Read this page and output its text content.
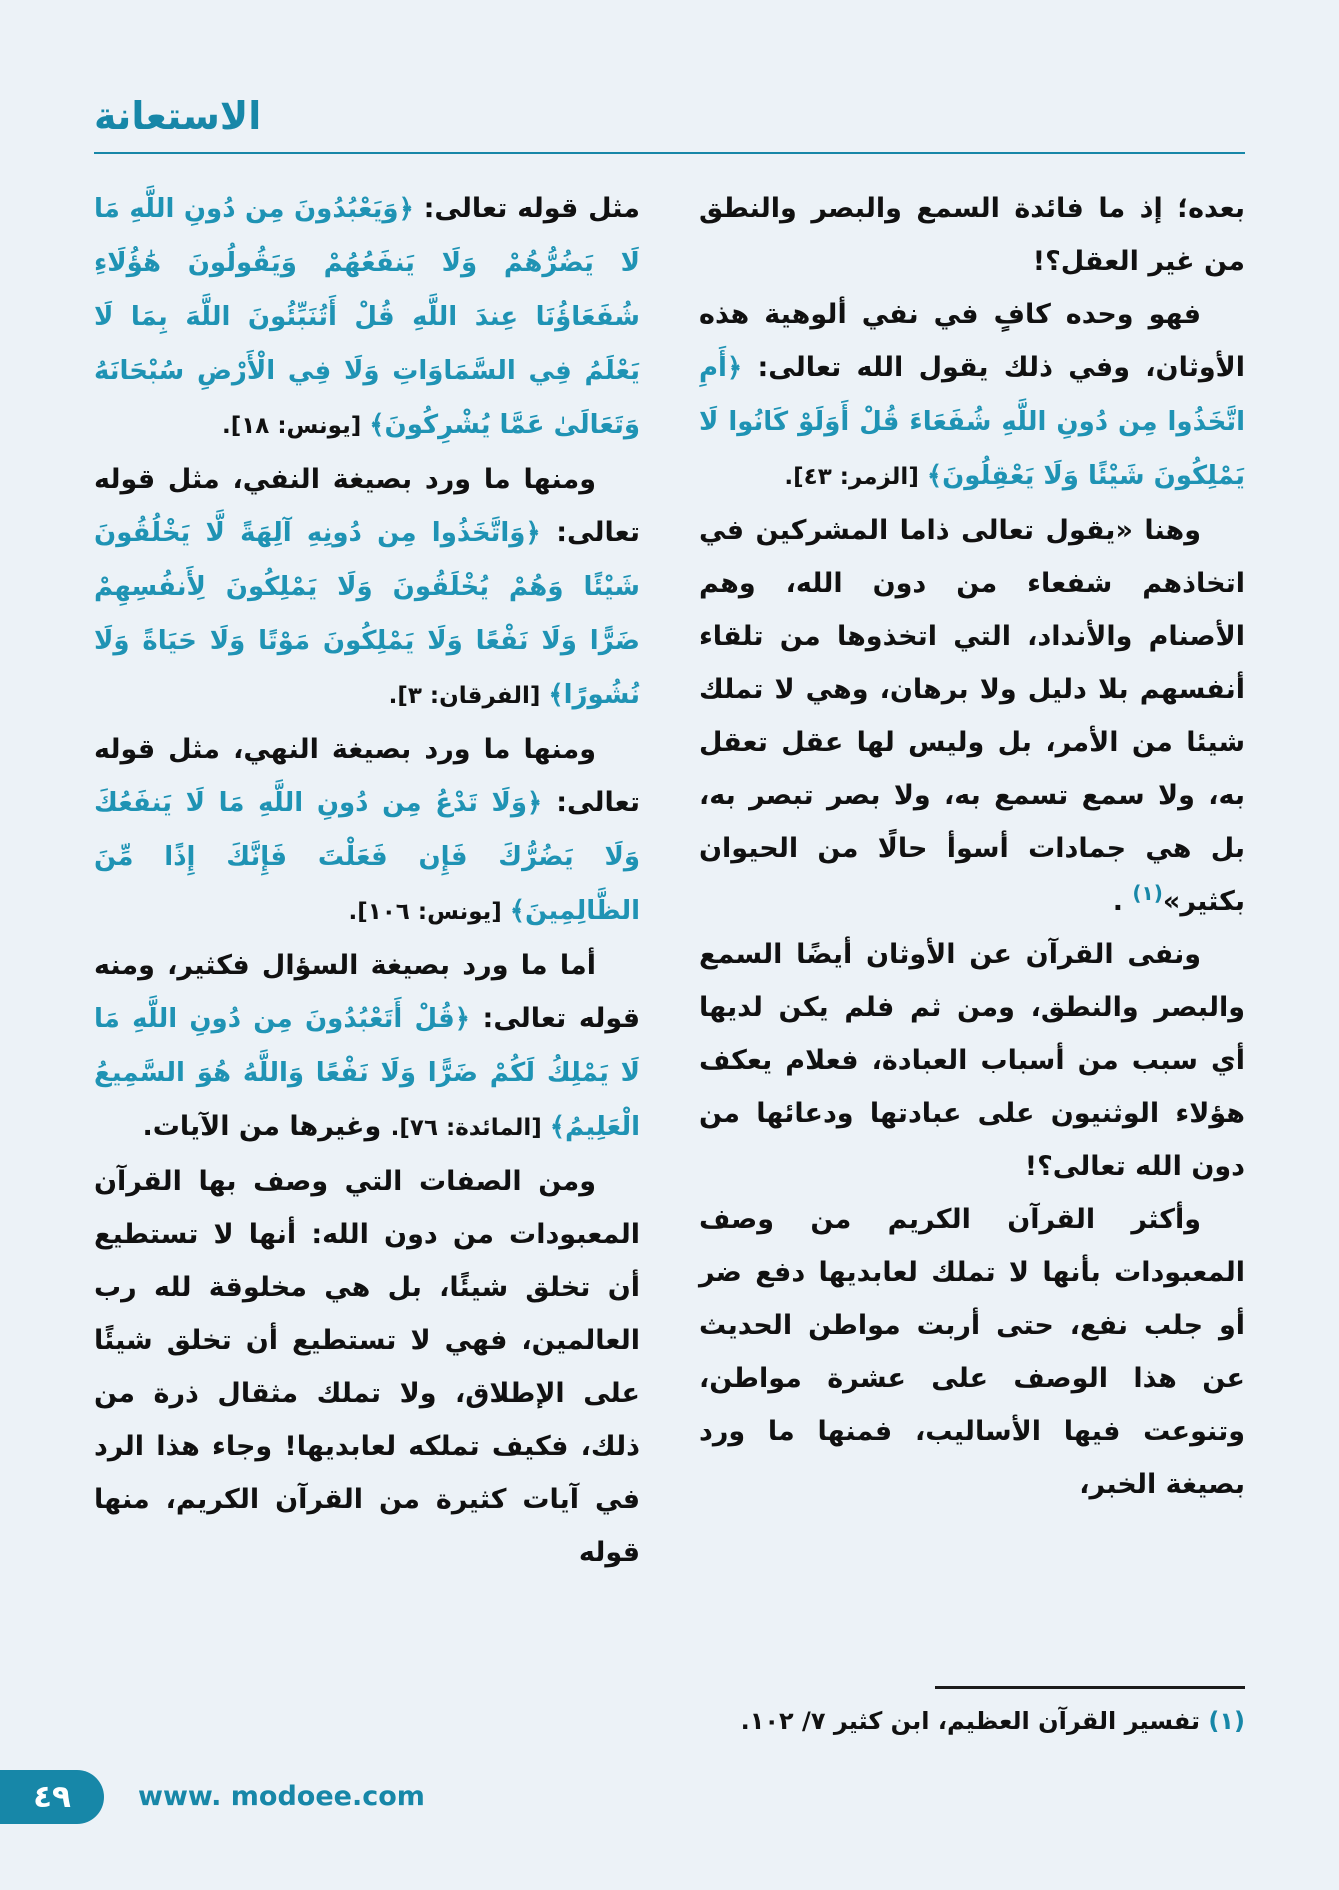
الاستعانة

بعده؛ إذ ما فائدة السمع والبصر والنطق من غير العقل؟!

فهو وحده كافٍ في نفي ألوهية هذه الأوثان، وفي ذلك يقول الله تعالى: ﴿أَمِ اتَّخَذُوا مِن دُونِ اللَّهِ شُفَعَاءَ قُلْ أَوَلَوْ كَانُوا لَا يَمْلِكُونَ شَيْئًا وَلَا يَعْقِلُونَ﴾ [الزمر: ٤٣].

وهنا «يقول تعالى ذاما المشركين في اتخاذهم شفعاء من دون الله، وهم الأصنام والأنداد، التي اتخذوها من تلقاء أنفسهم بلا دليل ولا برهان، وهي لا تملك شيئا من الأمر، بل وليس لها عقل تعقل به، ولا سمع تسمع به، ولا بصر تبصر به، بل هي جمادات أسوأ حالًا من الحيوان بكثير»$^{(١)}$ .

ونفى القرآن عن الأوثان أيضًا السمع والبصر والنطق، ومن ثم فلم يكن لديها أي سبب من أسباب العبادة، فعلام يعكف هؤلاء الوثنيون على عبادتها ودعائها من دون الله تعالى؟!

وأكثر القرآن الكريم من وصف المعبودات بأنها لا تملك لعابديها دفع ضر أو جلب نفع، حتى أربت مواطن الحديث عن هذا الوصف على عشرة مواطن، وتنوعت فيها الأساليب، فمنها ما ورد بصيغة الخبر،

مثل قوله تعالى: ﴿وَيَعْبُدُونَ مِن دُونِ اللَّهِ مَا لَا يَضُرُّهُمْ وَلَا يَنفَعُهُمْ وَيَقُولُونَ هَٰؤُلَاءِ شُفَعَاؤُنَا عِندَ اللَّهِ قُلْ أَتُنَبِّئُونَ اللَّهَ بِمَا لَا يَعْلَمُ فِي السَّمَاوَاتِ وَلَا فِي الْأَرْضِ سُبْحَانَهُ وَتَعَالَىٰ عَمَّا يُشْرِكُونَ﴾ [يونس: ١٨].

ومنها ما ورد بصيغة النفي، مثل قوله تعالى: ﴿وَاتَّخَذُوا مِن دُونِهِ آلِهَةً لَّا يَخْلُقُونَ شَيْئًا وَهُمْ يُخْلَقُونَ وَلَا يَمْلِكُونَ لِأَنفُسِهِمْ ضَرًّا وَلَا نَفْعًا وَلَا يَمْلِكُونَ مَوْتًا وَلَا حَيَاةً وَلَا نُشُورًا﴾ [الفرقان: ٣].

ومنها ما ورد بصيغة النهي، مثل قوله تعالى: ﴿وَلَا تَدْعُ مِن دُونِ اللَّهِ مَا لَا يَنفَعُكَ وَلَا يَضُرُّكَ فَإِن فَعَلْتَ فَإِنَّكَ إِذًا مِّنَ الظَّالِمِينَ﴾ [يونس: ١٠٦].

أما ما ورد بصيغة السؤال فكثير، ومنه قوله تعالى: ﴿قُلْ أَتَعْبُدُونَ مِن دُونِ اللَّهِ مَا لَا يَمْلِكُ لَكُمْ ضَرًّا وَلَا نَفْعًا وَاللَّهُ هُوَ السَّمِيعُ الْعَلِيمُ﴾ [المائدة: ٧٦]. وغيرها من الآيات.

ومن الصفات التي وصف بها القرآن المعبودات من دون الله: أنها لا تستطيع أن تخلق شيئًا، بل هي مخلوقة لله رب العالمين، فهي لا تستطيع أن تخلق شيئًا على الإطلاق، ولا تملك مثقال ذرة من ذلك، فكيف تملكه لعابديها! وجاء هذا الرد في آيات كثيرة من القرآن الكريم، منها قوله

(١) تفسير القرآن العظيم، ابن كثير ٧/ ١٠٢.
٤٩ www. modoee.com
